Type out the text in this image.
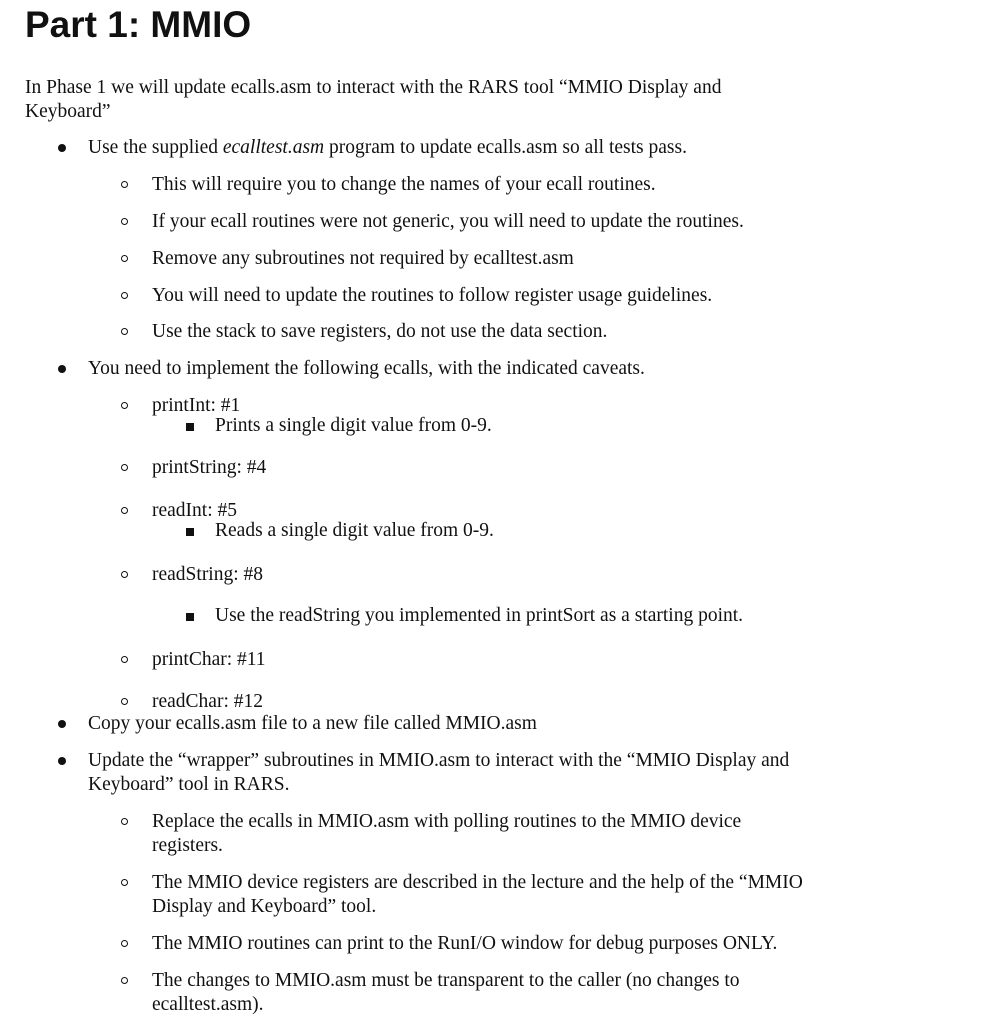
Part 1: MMIO
In Phase 1 we will update ecalls.asm to interact with the RARS tool “MMIO Display and Keyboard”
Use the supplied ecalltest.asm program to update ecalls.asm so all tests pass.
This will require you to change the names of your ecall routines.
If your ecall routines were not generic, you will need to update the routines.
Remove any subroutines not required by ecalltest.asm
You will need to update the routines to follow register usage guidelines.
Use the stack to save registers, do not use the data section.
You need to implement the following ecalls, with the indicated caveats.
printInt: #1
Prints a single digit value from 0-9.
printString: #4
readInt: #5
Reads a single digit value from 0-9.
readString: #8
Use the readString you implemented in printSort as a starting point.
printChar: #11
readChar: #12
Copy your ecalls.asm file to a new file called MMIO.asm
Update the “wrapper” subroutines in MMIO.asm to interact with the “MMIO Display and Keyboard” tool in RARS.
Replace the ecalls in MMIO.asm with polling routines to the MMIO device registers.
The MMIO device registers are described in the lecture and the help of the “MMIO Display and Keyboard” tool.
The MMIO routines can print to the RunI/O window for debug purposes ONLY.
The changes to MMIO.asm must be transparent to the caller (no changes to ecalltest.asm).
